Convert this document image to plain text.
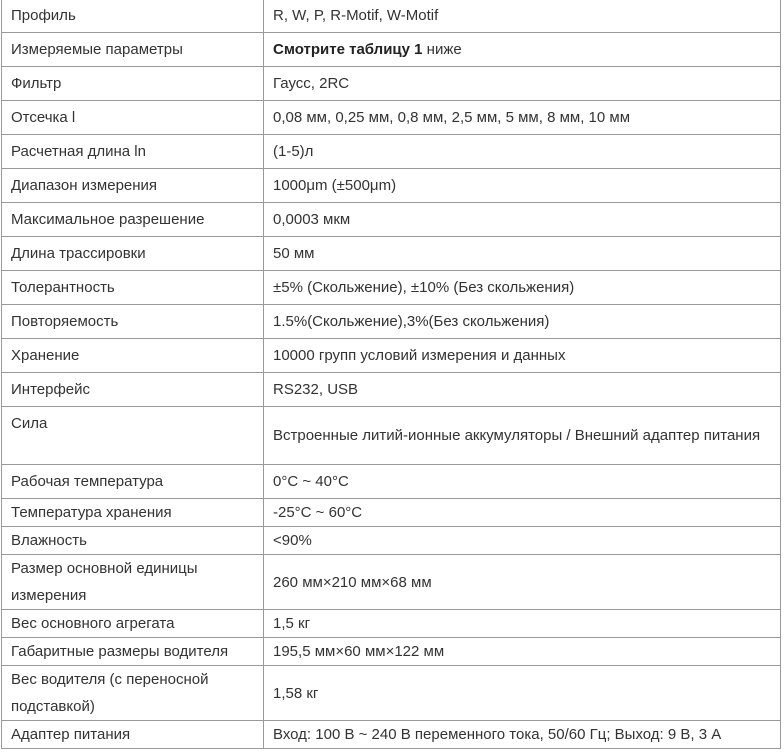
Профиль	R, W, P, R-Motif, W-Motif
Измеряемые параметры	Смотрите таблицу 1 ниже
Фильтр	Гаусс, 2RC
Отсечка l	0,08 мм, 0,25 мм, 0,8 мм, 2,5 мм, 5 мм, 8 мм, 10 мм
Расчетная длина ln	(1-5)л
Диапазон измерения	1000μm (±500μm)
Максимальное разрешение	0,0003 мкм
Длина трассировки	50 мм
Толерантность	±5% (Скольжение), ±10% (Без скольжения)
Повторяемость	1.5%(Скольжение),3%(Без скольжения)
Хранение	10000 групп условий измерения и данных
Интерфейс	RS232, USB
Сила	Встроенные литий-ионные аккумуляторы / Внешний адаптер питания
Рабочая температура	0°C ~ 40°C
Температура хранения	-25°C ~ 60°C
Влажность	<90%
Размер основной единицы измерения	260 мм×210 мм×68 мм
Вес основного агрегата	1,5 кг
Габаритные размеры водителя	195,5 мм×60 мм×122 мм
Вес водителя (с переносной подставкой)	1,58 кг
Адаптер питания	Вход: 100 В ~ 240 В переменного тока, 50/60 Гц; Выход: 9 В, 3 А
